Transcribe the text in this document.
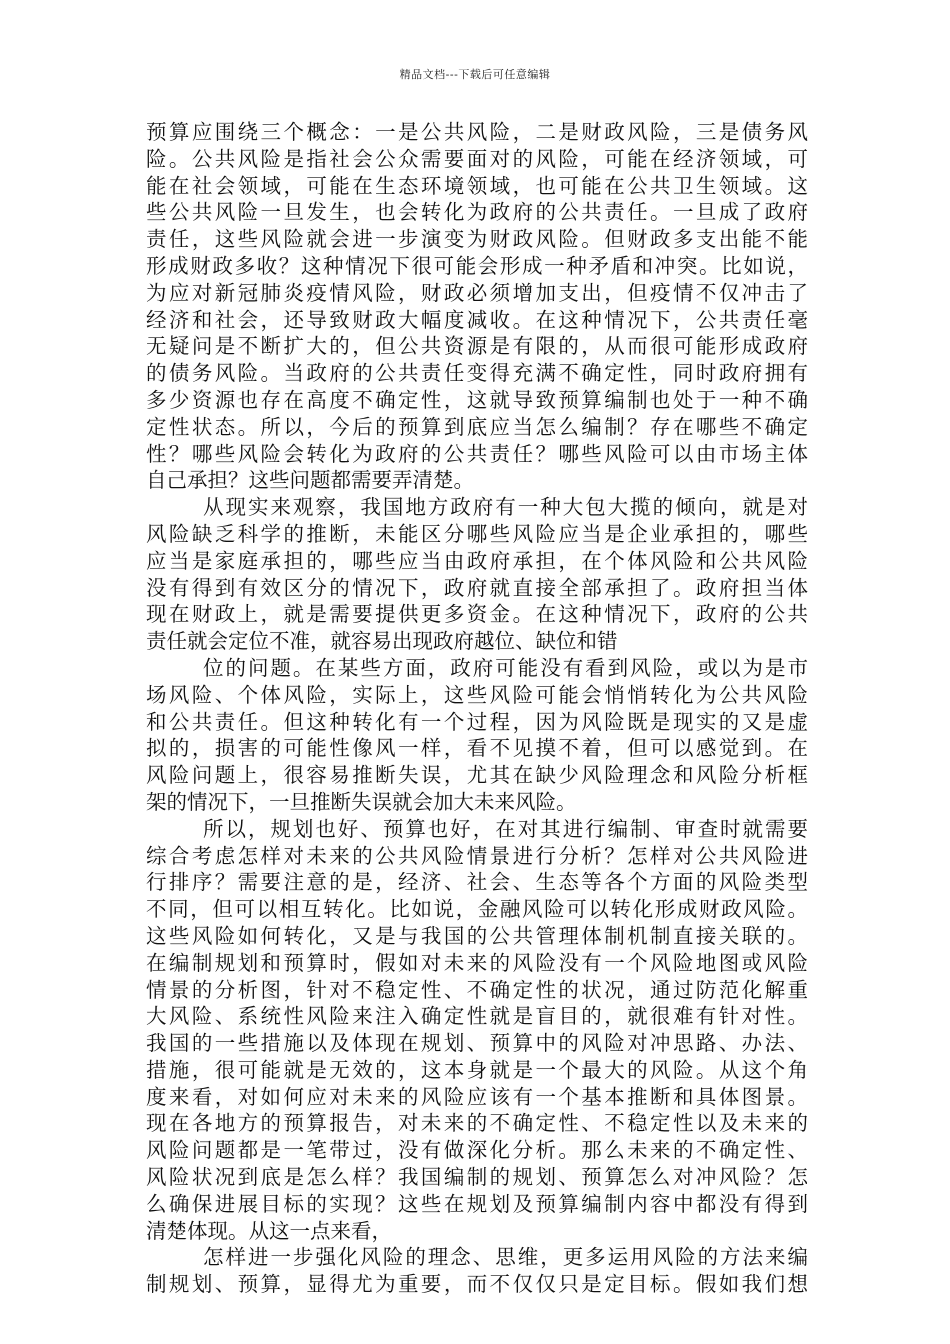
精品文档---下载后可任意编辑
预算应围绕三个概念：一是公共风险，二是财政风险，三是债务风
险。公共风险是指社会公众需要面对的风险，可能在经济领域，可
能在社会领域，可能在生态环境领域，也可能在公共卫生领域。这
些公共风险一旦发生，也会转化为政府的公共责任。一旦成了政府
责任，这些风险就会进一步演变为财政风险。但财政多支出能不能
形成财政多收？这种情况下很可能会形成一种矛盾和冲突。比如说，
为应对新冠肺炎疫情风险，财政必须增加支出，但疫情不仅冲击了
经济和社会，还导致财政大幅度减收。在这种情况下，公共责任毫
无疑问是不断扩大的，但公共资源是有限的，从而很可能形成政府
的债务风险。当政府的公共责任变得充满不确定性，同时政府拥有
多少资源也存在高度不确定性，这就导致预算编制也处于一种不确
定性状态。所以，今后的预算到底应当怎么编制？存在哪些不确定
性？哪些风险会转化为政府的公共责任？哪些风险可以由市场主体
自己承担？这些问题都需要弄清楚。
从现实来观察，我国地方政府有一种大包大揽的倾向，就是对
风险缺乏科学的推断，未能区分哪些风险应当是企业承担的，哪些
应当是家庭承担的，哪些应当由政府承担，在个体风险和公共风险
没有得到有效区分的情况下，政府就直接全部承担了。政府担当体
现在财政上，就是需要提供更多资金。在这种情况下，政府的公共
责任就会定位不准，就容易出现政府越位、缺位和错
位的问题。在某些方面，政府可能没有看到风险，或以为是市
场风险、个体风险，实际上，这些风险可能会悄悄转化为公共风险
和公共责任。但这种转化有一个过程，因为风险既是现实的又是虚
拟的，损害的可能性像风一样，看不见摸不着，但可以感觉到。在
风险问题上，很容易推断失误，尤其在缺少风险理念和风险分析框
架的情况下，一旦推断失误就会加大未来风险。
所以，规划也好、预算也好，在对其进行编制、审查时就需要
综合考虑怎样对未来的公共风险情景进行分析？怎样对公共风险进
行排序？需要注意的是，经济、社会、生态等各个方面的风险类型
不同，但可以相互转化。比如说，金融风险可以转化形成财政风险。
这些风险如何转化，又是与我国的公共管理体制机制直接关联的。
在编制规划和预算时，假如对未来的风险没有一个风险地图或风险
情景的分析图，针对不稳定性、不确定性的状况，通过防范化解重
大风险、系统性风险来注入确定性就是盲目的，就很难有针对性。
我国的一些措施以及体现在规划、预算中的风险对冲思路、办法、
措施，很可能就是无效的，这本身就是一个最大的风险。从这个角
度来看，对如何应对未来的风险应该有一个基本推断和具体图景。
现在各地方的预算报告，对未来的不确定性、不稳定性以及未来的
风险问题都是一笔带过，没有做深化分析。那么未来的不确定性、
风险状况到底是怎么样？我国编制的规划、预算怎么对冲风险？怎
么确保进展目标的实现？这些在规划及预算编制内容中都没有得到
清楚体现。从这一点来看，
怎样进一步强化风险的理念、思维，更多运用风险的方法来编
制规划、预算，显得尤为重要，而不仅仅只是定目标。假如我们想
